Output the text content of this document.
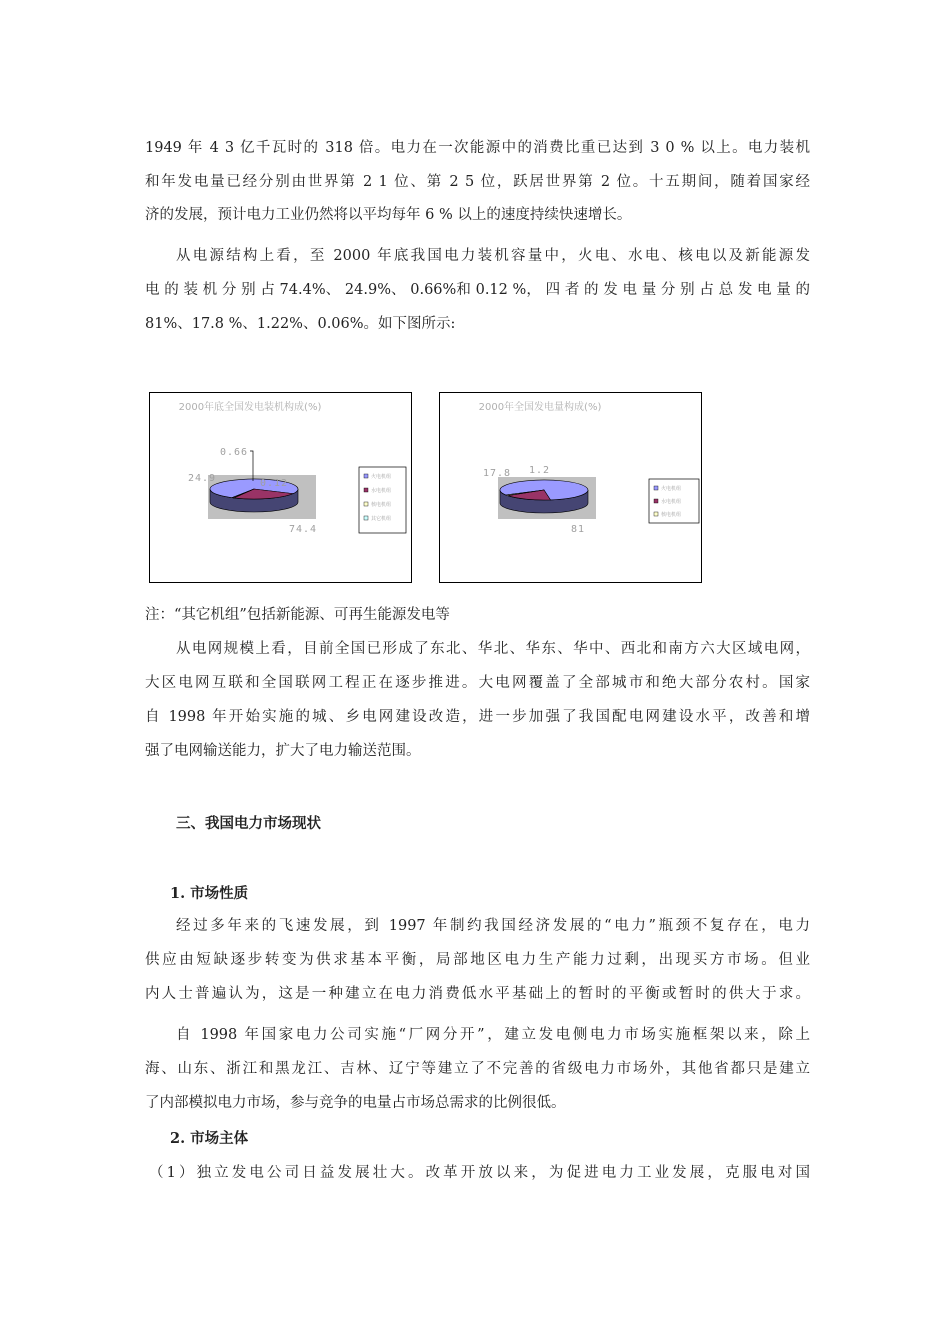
1949 年 4 3 亿千瓦时的 318 倍。电力在一次能源中的消费比重已达到 3 0 % 以上。电力装机
和年发电量已经分别由世界第 2 1 位、第 2 5 位，跃居世界第 2 位。十五期间，随着国家经
济的发展，预计电力工业仍然将以平均每年 6 % 以上的速度持续快速增长。
从电源结构上看，至 2000 年底我国电力装机容量中，火电、水电、核电以及新能源发
电 的 装 机 分 别 占 74.4%、 24.9%、 0.66%和 0.12 %， 四 者 的 发 电 量 分 别 占 总 发 电 量 的
81%、17.8 %、1.22%、0.06%。如下图所示:
2000年底全国发电装机构成(%)
0.66
24.9	0.12
74.4
火电机组
水电机组
核电机组
其它机组
2000年全国发电量构成(%)
17.8 1.2
81
火电机组
水电机组
核电机组
注：“其它机组”包括新能源、可再生能源发电等
从电网规模上看，目前全国已形成了东北、华北、华东、华中、西北和南方六大区域电网，
大区电网互联和全国联网工程正在逐步推进。大电网覆盖了全部城市和绝大部分农村。国家
自 1998 年开始实施的城、乡电网建设改造，进一步加强了我国配电网建设水平，改善和增
强了电网输送能力，扩大了电力输送范围。
三、我国电力市场现状
1. 市场性质
经过多年来的飞速发展，到 1997 年制约我国经济发展的“电力”瓶颈不复存在，电力
供应由短缺逐步转变为供求基本平衡，局部地区电力生产能力过剩，出现买方市场。但业
内人士普遍认为，这是一种建立在电力消费低水平基础上的暂时的平衡或暂时的供大于求。
自 1998 年国家电力公司实施“厂网分开”，建立发电侧电力市场实施框架以来，除上
海、山东、浙江和黑龙江、吉林、辽宁等建立了不完善的省级电力市场外，其他省都只是建立
了内部模拟电力市场，参与竞争的电量占市场总需求的比例很低。
2. 市场主体
（1）独立发电公司日益发展壮大。改革开放以来，为促进电力工业发展，克服电对国
